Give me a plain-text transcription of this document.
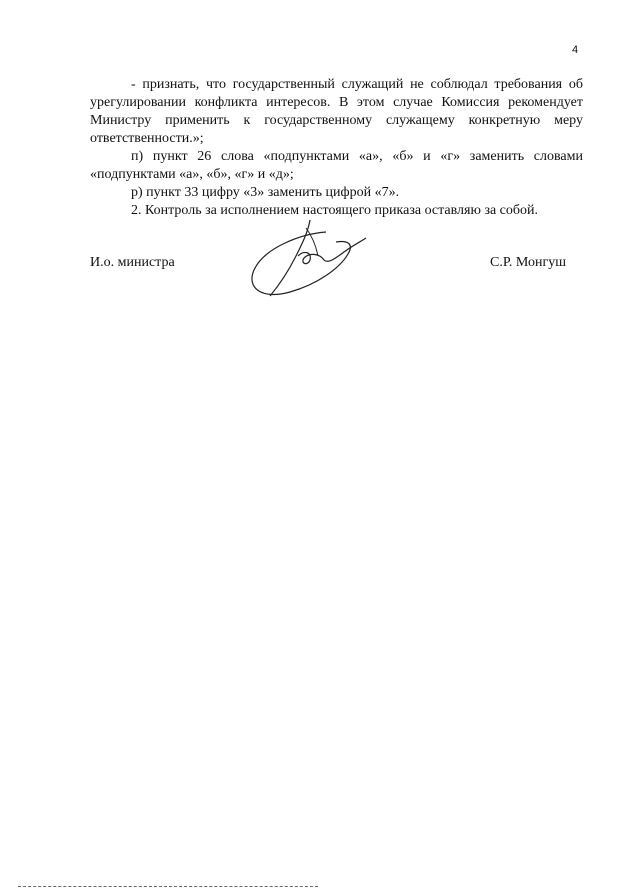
4

- признать, что государственный служащий не соблюдал требования об урегулировании конфликта интересов. В этом случае Комиссия рекомендует Министру применить к государственному служащему конкретную меру ответственности.»;

п) пункт 26 слова «подпунктами «а», «б» и «г» заменить словами «подпунктами «а», «б», «г» и «д»;

р) пункт 33 цифру «3» заменить цифрой «7».

2. Контроль за исполнением настоящего приказа оставляю за собой.

И.о. министра	С.Р. Монгуш
